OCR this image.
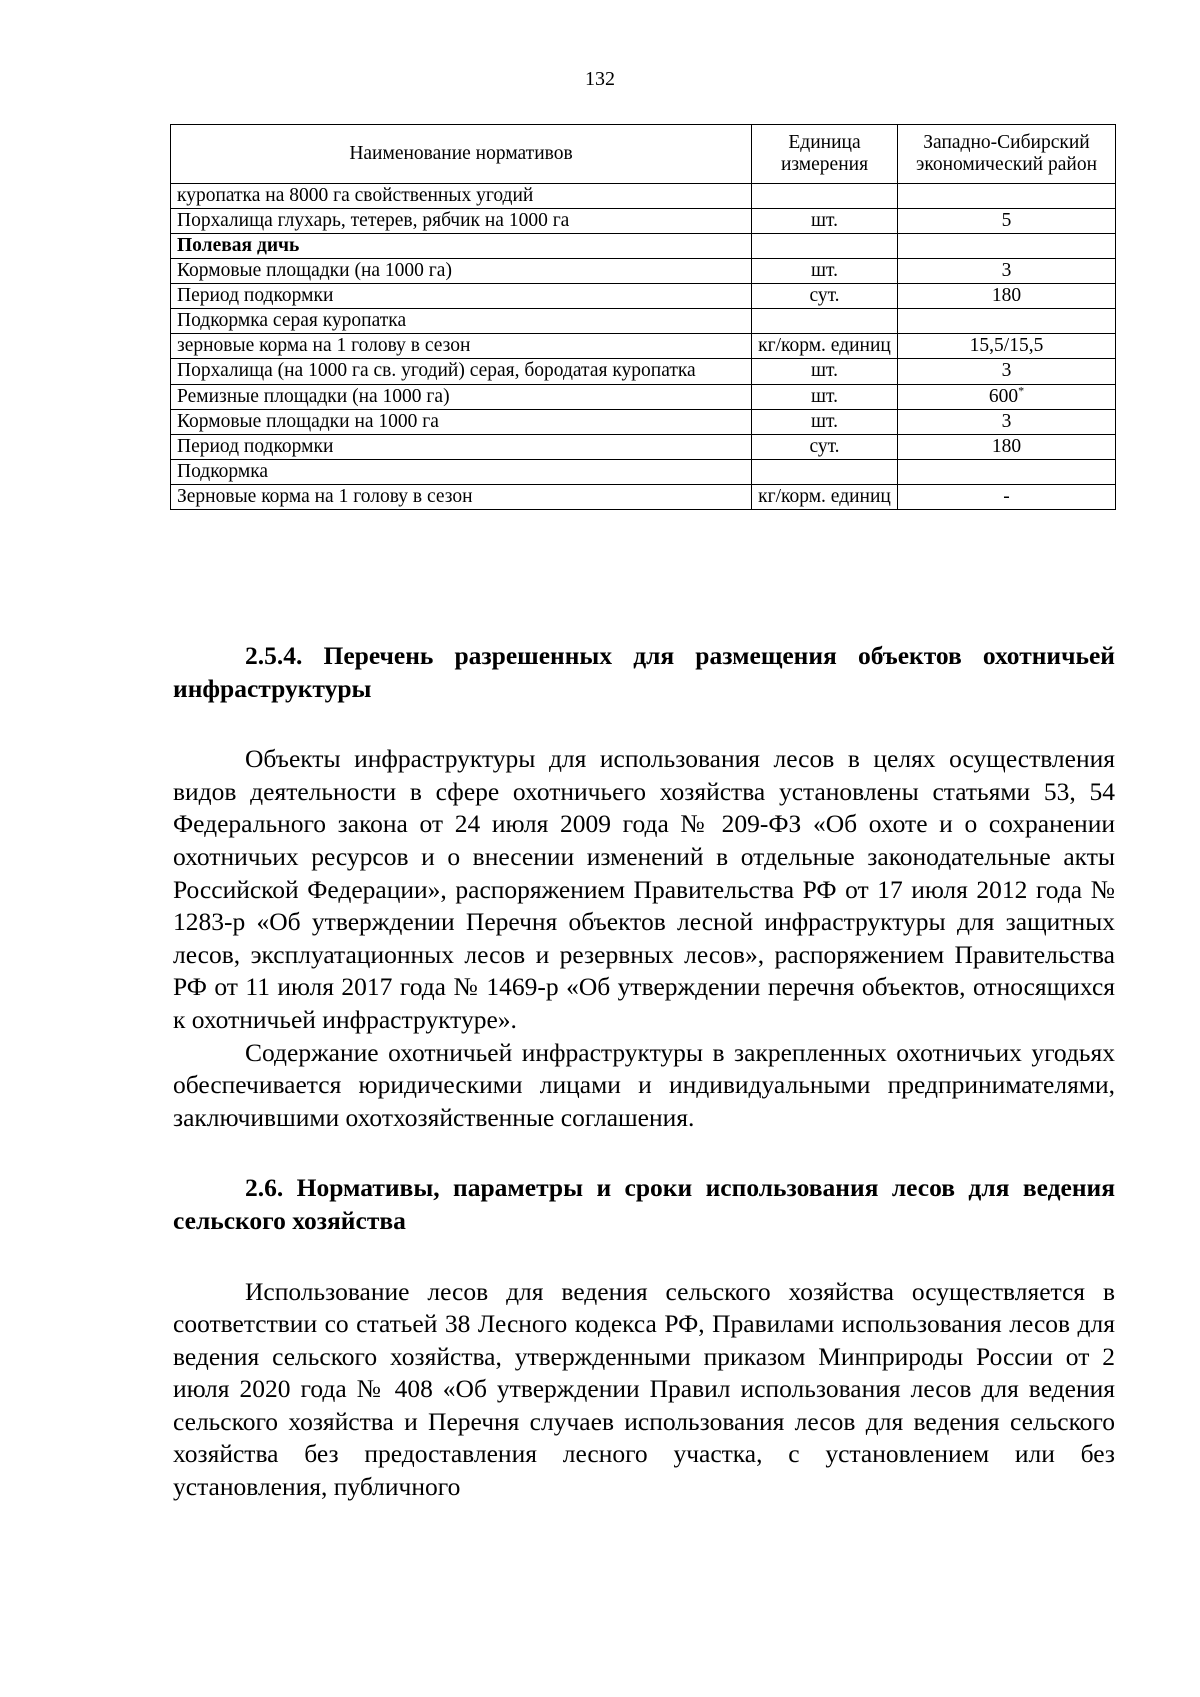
132
Наименование нормативов	Единица измерения	Западно-Сибирский экономический район
куропатка на 8000 га свойственных угодий		
Порхалища глухарь, тетерев, рябчик на 1000 га	шт.	5
Полевая дичь		
Кормовые площадки (на 1000 га)	шт.	3
Период подкормки	сут.	180
Подкормка серая куропатка		
зерновые корма на 1 голову в сезон	кг/корм. единиц	15,5/15,5
Порхалища (на 1000 га св. угодий) серая, бородатая куропатка	шт.	3
Ремизные площадки (на 1000 га)	шт.	600*
Кормовые площадки на 1000 га	шт.	3
Период подкормки	сут.	180
Подкормка		
Зерновые корма на 1 голову в сезон	кг/корм. единиц	-
2.5.4. Перечень разрешенных для размещения объектов охотничьей инфраструктуры

Объекты инфраструктуры для использования лесов в целях осуществления видов деятельности в сфере охотничьего хозяйства установлены статьями 53, 54 Федерального закона от 24 июля 2009 года № 209-ФЗ «Об охоте и о сохранении охотничьих ресурсов и о внесении изменений в отдельные законодательные акты Российской Федерации», распоряжением Правительства РФ от 17 июля 2012 года № 1283-р «Об утверждении Перечня объектов лесной инфраструктуры для защитных лесов, эксплуатационных лесов и резервных лесов», распоряжением Правительства РФ от 11 июля 2017 года № 1469-р «Об утверждении перечня объектов, относящихся к охотничьей инфраструктуре».

Содержание охотничьей инфраструктуры в закрепленных охотничьих угодьях обеспечивается юридическими лицами и индивидуальными предпринимателями, заключившими охотхозяйственные соглашения.

2.6. Нормативы, параметры и сроки использования лесов для ведения сельского хозяйства

Использование лесов для ведения сельского хозяйства осуществляется в соответствии со статьей 38 Лесного кодекса РФ, Правилами использования лесов для ведения сельского хозяйства, утвержденными приказом Минприроды России от 2 июля 2020 года № 408 «Об утверждении Правил использования лесов для ведения сельского хозяйства и Перечня случаев использования лесов для ведения сельского хозяйства без предоставления лесного участка, с установлением или без установления, публичного
